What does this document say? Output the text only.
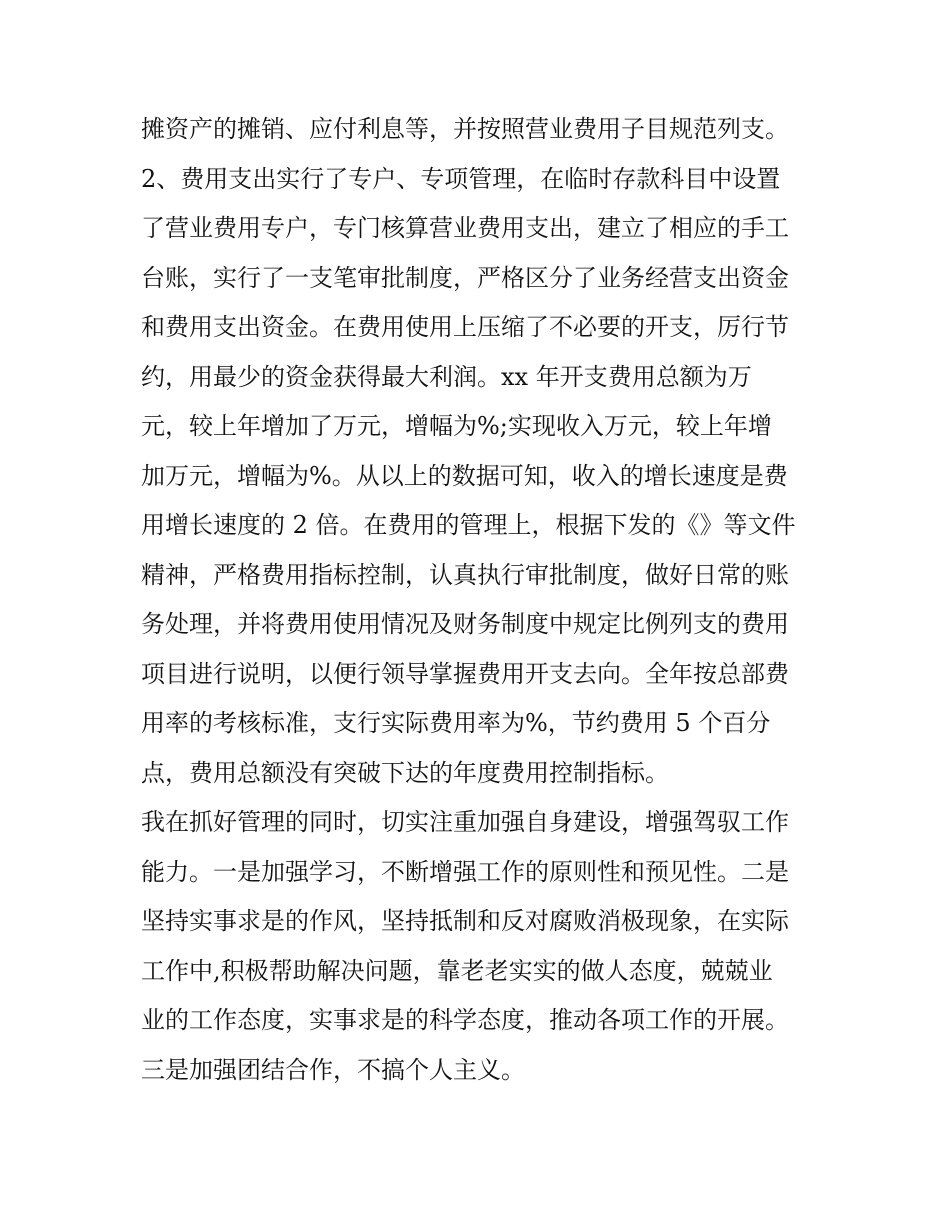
摊资产的摊销、应付利息等，并按照营业费用子目规范列支。
2、费用支出实行了专户、专项管理，在临时存款科目中设置
了营业费用专户，专门核算营业费用支出，建立了相应的手工
台账，实行了一支笔审批制度，严格区分了业务经营支出资金
和费用支出资金。在费用使用上压缩了不必要的开支，厉行节
约，用最少的资金获得最大利润。xx 年开支费用总额为万
元，较上年增加了万元，增幅为%;实现收入万元，较上年增
加万元，增幅为%。从以上的数据可知，收入的增长速度是费
用增长速度的 2 倍。在费用的管理上，根据下发的《》等文件
精神，严格费用指标控制，认真执行审批制度，做好日常的账
务处理，并将费用使用情况及财务制度中规定比例列支的费用
项目进行说明，以便行领导掌握费用开支去向。全年按总部费
用率的考核标准，支行实际费用率为%，节约费用 5 个百分
点，费用总额没有突破下达的年度费用控制指标。
我在抓好管理的同时，切实注重加强自身建设，增强驾驭工作
能力。一是加强学习，不断增强工作的原则性和预见性。二是
坚持实事求是的作风，坚持抵制和反对腐败消极现象，在实际
工作中,积极帮助解决问题，靠老老实实的做人态度，兢兢业
业的工作态度，实事求是的科学态度，推动各项工作的开展。
三是加强团结合作，不搞个人主义。
